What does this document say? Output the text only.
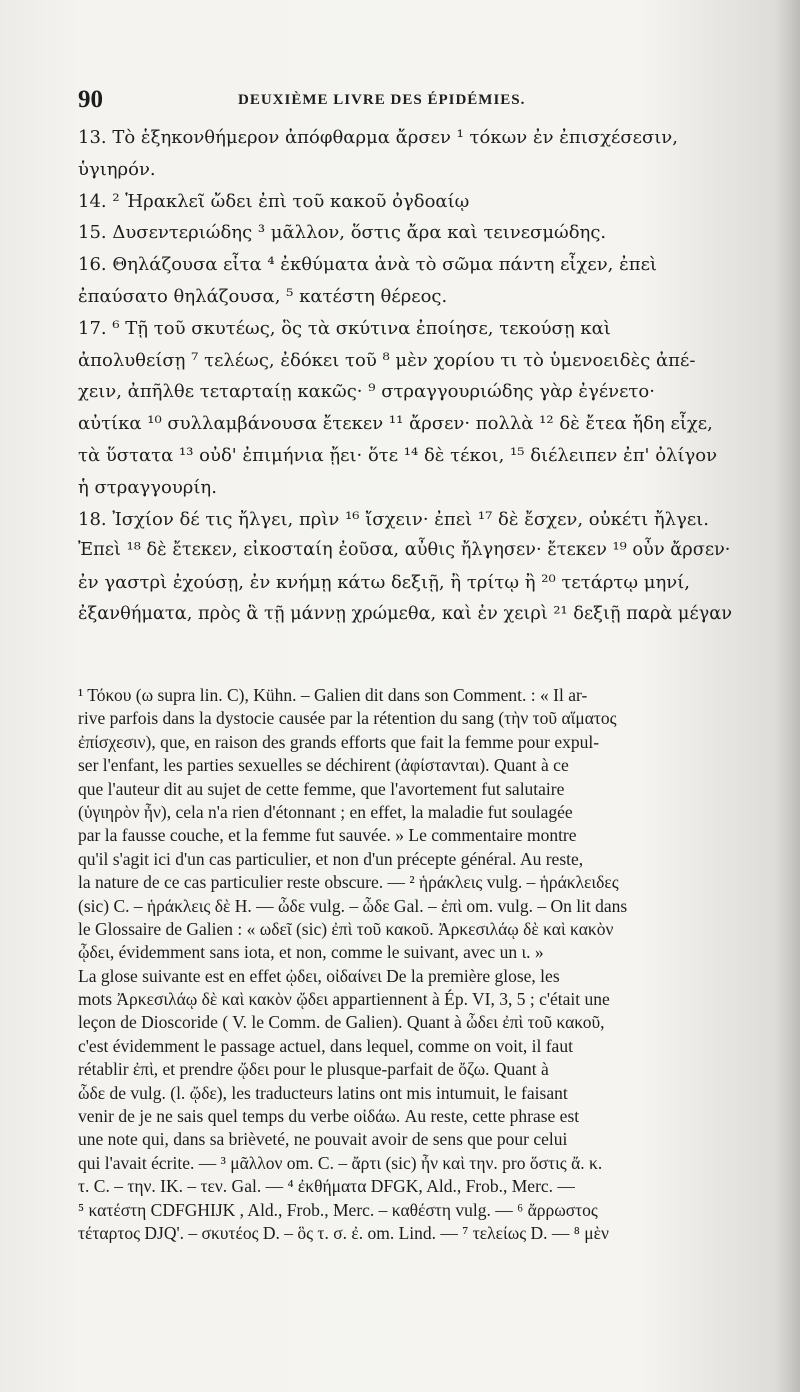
90	DEUXIÈME LIVRE DES ÉPIDÉMIES.
13. Τὸ ἑξηκονθήμερον ἀπόφθαρμα ἄρσεν ¹ τόκων ἐν ἐπισχέσεσιν,
ὑγιηρόν.
14. ² Ἡρακλεῖ ὤδει ἐπὶ τοῦ κακοῦ ὀγδοαίῳ
15. Δυσεντεριώδης ³ μᾶλλον, ὅστις ἄρα καὶ τεινεσμώδης.
16. Θηλάζουσα εἶτα ⁴ ἐκθύματα ἀνὰ τὸ σῶμα πάντη εἶχεν, ἐπεὶ
ἐπαύσατο θηλάζουσα, ⁵ κατέστη θέρεος.
17. ⁶ Τῇ τοῦ σκυτέως, ὃς τὰ σκύτινα ἐποίησε, τεκούσῃ καὶ
ἀπολυθείσῃ ⁷ τελέως, ἐδόκει τοῦ ⁸ μὲν χορίου τι τὸ ὑμενοειδὲς ἀπέ-
χειν, ἀπῆλθε τεταρταίῃ κακῶς· ⁹ στραγγουριώδης γὰρ ἐγένετο·
αὐτίκα ¹⁰ συλλαμβάνουσα ἔτεκεν ¹¹ ἄρσεν· πολλὰ ¹² δὲ ἔτεα ἤδη εἶχε,
τὰ ὕστατα ¹³ οὐδ' ἐπιμήνια ᾔει· ὅτε ¹⁴ δὲ τέκοι, ¹⁵ διέλειπεν ἐπ' ὀλίγον
ἡ στραγγουρίη.
18. Ἰσχίον δέ τις ἤλγει, πρὶν ¹⁶ ἴσχειν· ἐπεὶ ¹⁷ δὲ ἔσχεν, οὐκέτι ἤλγει.
Ἐπεὶ ¹⁸ δὲ ἔτεκεν, εἰκοσταίη ἐοῦσα, αὖθις ἤλγησεν· ἔτεκεν ¹⁹ οὖν ἄρσεν·
ἐν γαστρὶ ἐχούσῃ, ἐν κνήμῃ κάτω δεξιῇ, ἢ τρίτῳ ἢ ²⁰ τετάρτῳ μηνί,
ἐξανθήματα, πρὸς ἃ τῇ μάννῃ χρώμεθα, καὶ ἐν χειρὶ ²¹ δεξιῇ παρὰ μέγαν
¹ Τόκου (ω supra lin. C), Kühn. – Galien dit dans son Comment. : « Il ar-
rive parfois dans la dystocie causée par la rétention du sang (τὴν τοῦ αἵματος
ἐπίσχεσιν), que, en raison des grands efforts que fait la femme pour expul-
ser l'enfant, les parties sexuelles se déchirent (ἀφίστανται). Quant à ce
que l'auteur dit au sujet de cette femme, que l'avortement fut salutaire
(ὑγιηρὸν ἦν), cela n'a rien d'étonnant ; en effet, la maladie fut soulagée
par la fausse couche, et la femme fut sauvée. » Le commentaire montre
qu'il s'agit ici d'un cas particulier, et non d'un précepte général. Au reste,
la nature de ce cas particulier reste obscure. — ² ἡράκλεις vulg. – ἡράκλειδες
(sic) C. – ἡράκλεις δὲ H. — ὦδε vulg. – ὧδε Gal. – ἐπὶ om. vulg. – On lit dans
le Glossaire de Galien : « ωδεῖ (sic) ἐπὶ τοῦ κακοῦ. Ἀρκεσιλάῳ δὲ καὶ κακὸν
ᾦδει, évidemment sans iota, et non, comme le suivant, avec un ι. »
La glose suivante est en effet ᾠδει, οἰδαίνει De la première glose, les
mots Ἀρκεσιλάῳ δὲ καὶ κακὸν ᾤδει appartiennent à Ép. VI, 3, 5 ; c'était une
leçon de Dioscoride ( V. le Comm. de Galien). Quant à ὦδει ἐπὶ τοῦ κακοῦ,
c'est évidemment le passage actuel, dans lequel, comme on voit, il faut
rétablir ἐπὶ, et prendre ᾤδει pour le plusque-parfait de ὄζω. Quant à
ὧδε de vulg. (l. ᾤδε), les traducteurs latins ont mis intumuit, le faisant
venir de je ne sais quel temps du verbe οἰδάω. Au reste, cette phrase est
une note qui, dans sa brièveté, ne pouvait avoir de sens que pour celui
qui l'avait écrite. — ³ μᾶλλον om. C. – ἄρτι (sic) ἦν καὶ την. pro ὅστις ἄ. κ.
τ. C. – την. IK. – τεν. Gal. — ⁴ ἐκθήματα DFGK, Ald., Frob., Merc. —
⁵ κατέστη CDFGHIJK , Ald., Frob., Merc. – καθέστη vulg. — ⁶ ἄρρωστος
τέταρτος DJQ'. – σκυτέος D. – ὃς τ. σ. ἐ. om. Lind. — ⁷ τελείως D. — ⁸ μὲν
